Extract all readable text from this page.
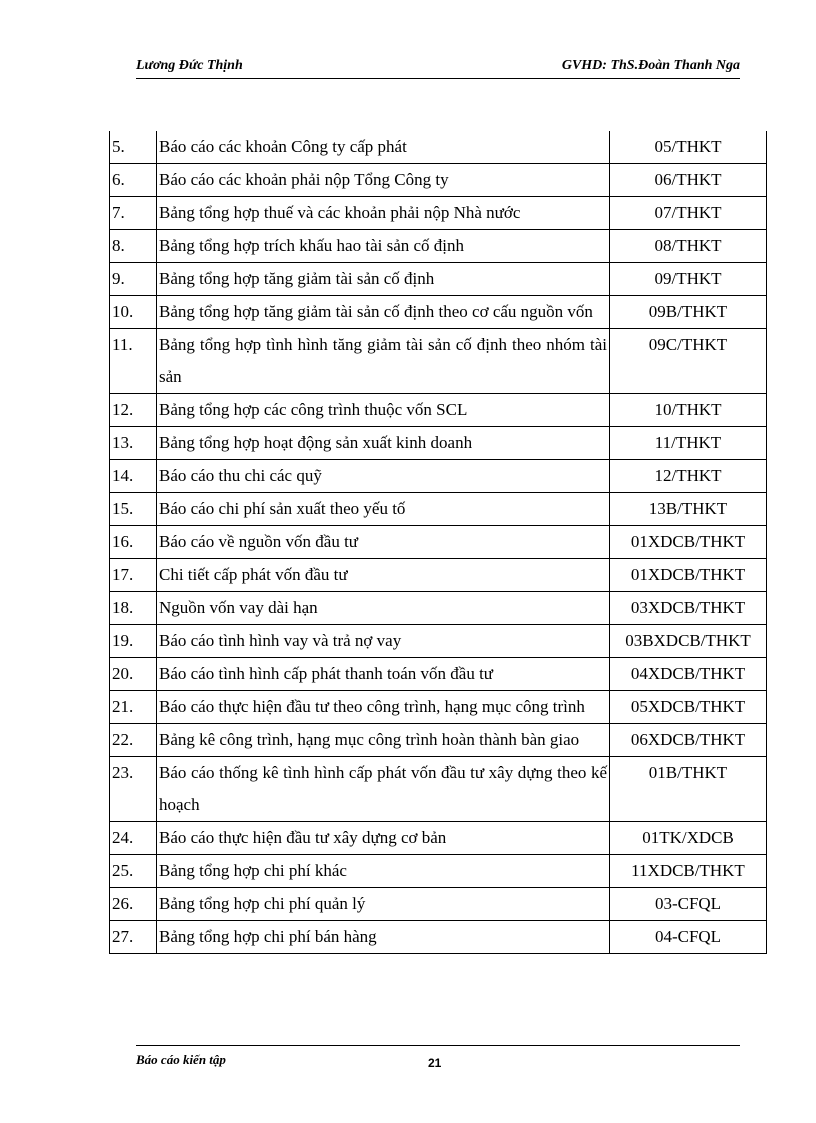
Lương Đức Thịnh	GVHD: ThS.Đoàn Thanh Nga
5.	Báo cáo các khoản Công ty cấp phát	05/THKT
6.	Báo cáo các khoản phải nộp Tổng Công ty	06/THKT
7.	Bảng tổng hợp thuế và các khoản phải nộp Nhà nước	07/THKT
8.	Bảng tổng hợp trích khấu hao tài sản cố định	08/THKT
9.	Bảng tổng hợp tăng giảm tài sản cố định	09/THKT
10.	Bảng tổng hợp tăng giảm tài sản cố định theo cơ cấu nguồn vốn	09B/THKT
11.	Bảng tổng hợp tình hình tăng giảm tài sản cố định theo nhóm tài sản	09C/THKT
12.	Bảng tổng hợp các công trình thuộc vốn SCL	10/THKT
13.	Bảng tổng hợp hoạt động sản xuất kinh doanh	11/THKT
14.	Báo cáo thu chi các quỹ	12/THKT
15.	Báo cáo chi phí sản xuất theo yếu tố	13B/THKT
16.	Báo cáo về nguồn vốn đầu tư	01XDCB/THKT
17.	Chi tiết cấp phát vốn đầu tư	01XDCB/THKT
18.	Nguồn vốn vay dài hạn	03XDCB/THKT
19.	Báo cáo tình hình vay và trả nợ vay	03BXDCB/THKT
20.	Báo cáo tình hình cấp phát thanh toán vốn đầu tư	04XDCB/THKT
21.	Báo cáo thực hiện đầu tư theo công trình, hạng mục công trình	05XDCB/THKT
22.	Bảng kê công trình, hạng mục công trình hoàn thành bàn giao	06XDCB/THKT
23.	Báo cáo thống kê tình hình cấp phát vốn đầu tư xây dựng theo kế hoạch	01B/THKT
24.	Báo cáo thực hiện đầu tư xây dựng cơ bản	01TK/XDCB
25.	Bảng tổng hợp chi phí khác	11XDCB/THKT
26.	Bảng tổng hợp chi phí quản lý	03-CFQL
27.	Bảng tổng hợp chi phí bán hàng	04-CFQL
Báo cáo kiến tập	21
